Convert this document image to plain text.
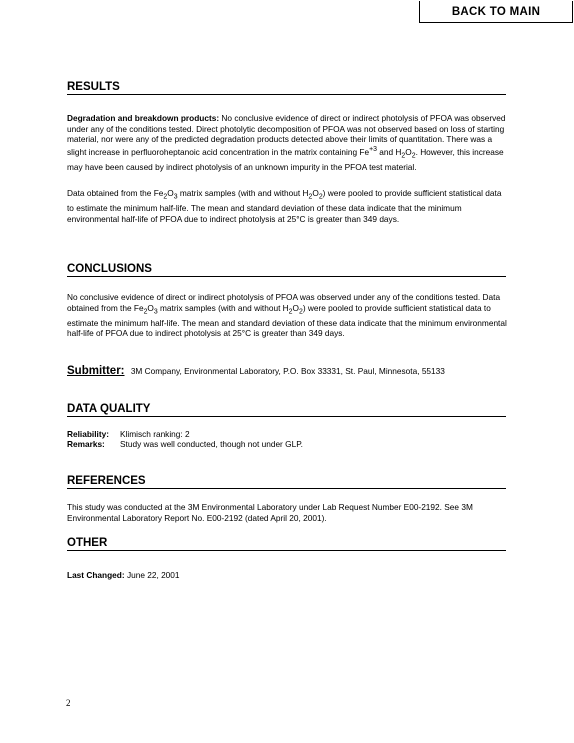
BACK TO MAIN
RESULTS

Degradation and breakdown products: No conclusive evidence of direct or indirect photolysis of PFOA was observed under any of the conditions tested. Direct photolytic decomposition of PFOA was not observed based on loss of starting material, nor were any of the predicted degradation products detected above their limits of quantitation. There was a slight increase in perfluoroheptanoic acid concentration in the matrix containing $Fe^{+3}$ and $H_2O_2$. However, this increase may have been caused by indirect photolysis of an unknown impurity in the PFOA test material.

Data obtained from the $Fe_2O_3$ matrix samples (with and without $H_2O_2$) were pooled to provide sufficient statistical data to estimate the minimum half-life. The mean and standard deviation of these data indicate that the minimum environmental half-life of PFOA due to indirect photolysis at 25°C is greater than 349 days.

CONCLUSIONS

No conclusive evidence of direct or indirect photolysis of PFOA was observed under any of the conditions tested. Data obtained from the $Fe_2O_3$ matrix samples (with and without $H_2O_2$) were pooled to provide sufficient statistical data to estimate the minimum half-life. The mean and standard deviation of these data indicate that the minimum environmental half-life of PFOA due to indirect photolysis at 25°C is greater than 349 days.

Submitter: 3M Company, Environmental Laboratory, P.O. Box 33331, St. Paul, Minnesota, 55133
DATA QUALITY
Reliability: Klimisch ranking: 2
Remarks: Study was well conducted, though not under GLP.
REFERENCES

This study was conducted at the 3M Environmental Laboratory under Lab Request Number E00-2192. See 3M Environmental Laboratory Report No. E00-2192 (dated April 20, 2001).

OTHER
Last Changed: June 22, 2001
2
